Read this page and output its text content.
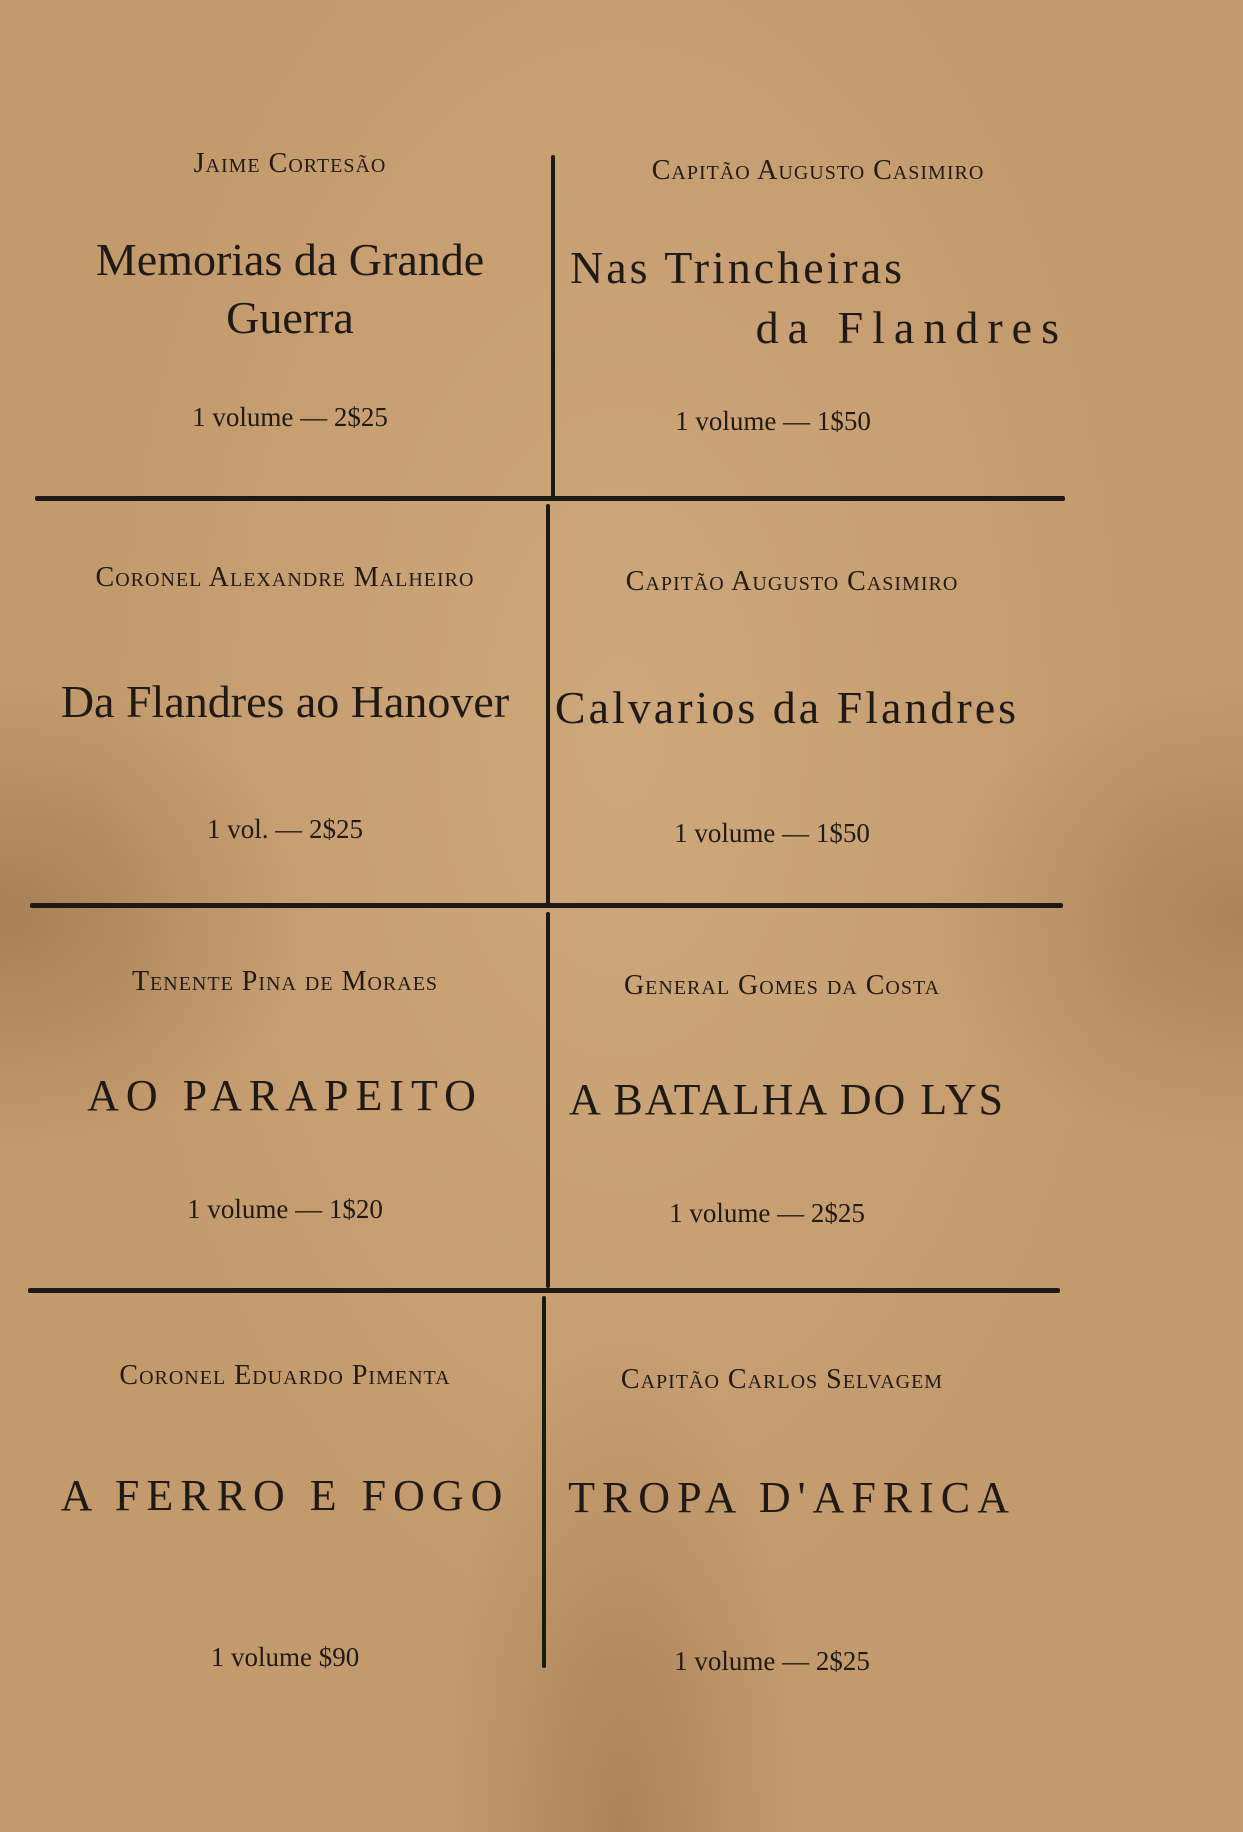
Jaime Cortesão
Memorias da Grande
Guerra
1 volume — 2$25
Capitão Augusto Casimiro
Nas Trincheiras
da Flandres
1 volume — 1$50
Coronel Alexandre Malheiro
Da Flandres ao Hanover
1 vol. — 2$25
Capitão Augusto Casimiro
Calvarios da Flandres
1 volume — 1$50
Tenente Pina de Moraes
AO PARAPEITO
1 volume — 1$20
General Gomes da Costa
A BATALHA DO LYS
1 volume — 2$25
Coronel Eduardo Pimenta
A FERRO E FOGO
1 volume $90
Capitão Carlos Selvagem
TROPA D'AFRICA
1 volume — 2$25
